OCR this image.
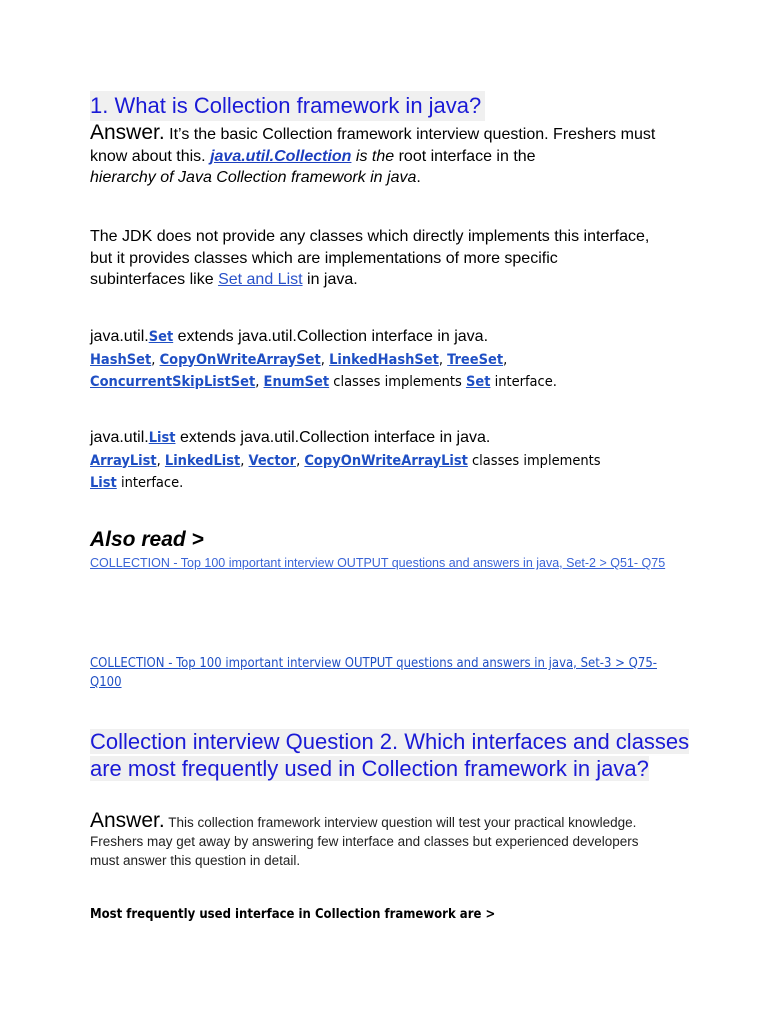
1. What is Collection framework in java?
Answer. It’s the basic Collection framework interview question. Freshers must know about this. java.util.Collection is the root interface in the
hierarchy of Java Collection framework in java.
The JDK does not provide any classes which directly implements this interface, but it provides classes which are implementations of more specific subinterfaces like Set and List in java.
java.util.Set extends java.util.Collection interface in java.
HashSet, CopyOnWriteArraySet, LinkedHashSet, TreeSet,
ConcurrentSkipListSet, EnumSet classes implements Set interface.
java.util.List extends java.util.Collection interface in java.
ArrayList, LinkedList, Vector, CopyOnWriteArrayList classes implements
List interface.
Also read >
COLLECTION - Top 100 important interview OUTPUT questions and answers in java, Set-2 > Q51- Q75
COLLECTION - Top 100 important interview OUTPUT questions and answers in java, Set-3 > Q75- Q100
Collection interview Question 2. Which interfaces and classes are most frequently used in Collection framework in java?
Answer. This collection framework interview question will test your practical knowledge. Freshers may get away by answering few interface and classes but experienced developers must answer this question in detail.
Most frequently used interface in Collection framework are >
